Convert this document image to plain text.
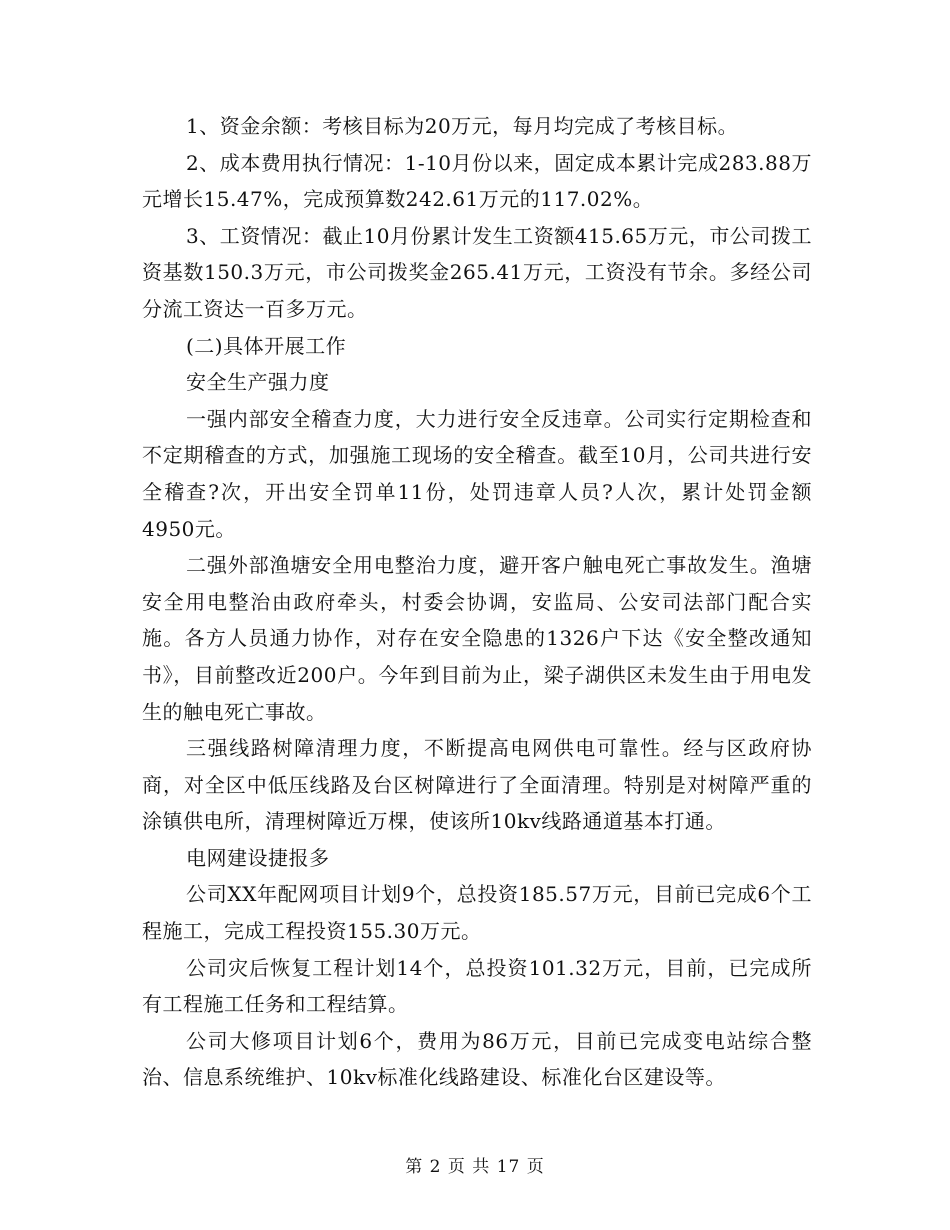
1、资金余额：考核目标为20万元，每月均完成了考核目标。

2、成本费用执行情况：1-10月份以来，固定成本累计完成283.88万元增长15.47%，完成预算数242.61万元的117.02%。

3、工资情况：截止10月份累计发生工资额415.65万元，市公司拨工资基数150.3万元，市公司拨奖金265.41万元，工资没有节余。多经公司分流工资达一百多万元。

(二)具体开展工作

安全生产强力度

一强内部安全稽查力度，大力进行安全反违章。公司实行定期检查和不定期稽查的方式，加强施工现场的安全稽查。截至10月，公司共进行安全稽查?次，开出安全罚单11份，处罚违章人员?人次，累计处罚金额4950元。

二强外部渔塘安全用电整治力度，避开客户触电死亡事故发生。渔塘安全用电整治由政府牵头，村委会协调，安监局、公安司法部门配合实施。各方人员通力协作，对存在安全隐患的1326户下达《安全整改通知书》，目前整改近200户。今年到目前为止，梁子湖供区未发生由于用电发生的触电死亡事故。

三强线路树障清理力度，不断提高电网供电可靠性。经与区政府协商，对全区中低压线路及台区树障进行了全面清理。特别是对树障严重的涂镇供电所，清理树障近万棵，使该所10kv线路通道基本打通。

电网建设捷报多

公司XX年配网项目计划9个，总投资185.57万元，目前已完成6个工程施工，完成工程投资155.30万元。

公司灾后恢复工程计划14个，总投资101.32万元，目前，已完成所有工程施工任务和工程结算。

公司大修项目计划6个，费用为86万元，目前已完成变电站综合整治、信息系统维护、10kv标准化线路建设、标准化台区建设等。

第 2 页 共 17 页
